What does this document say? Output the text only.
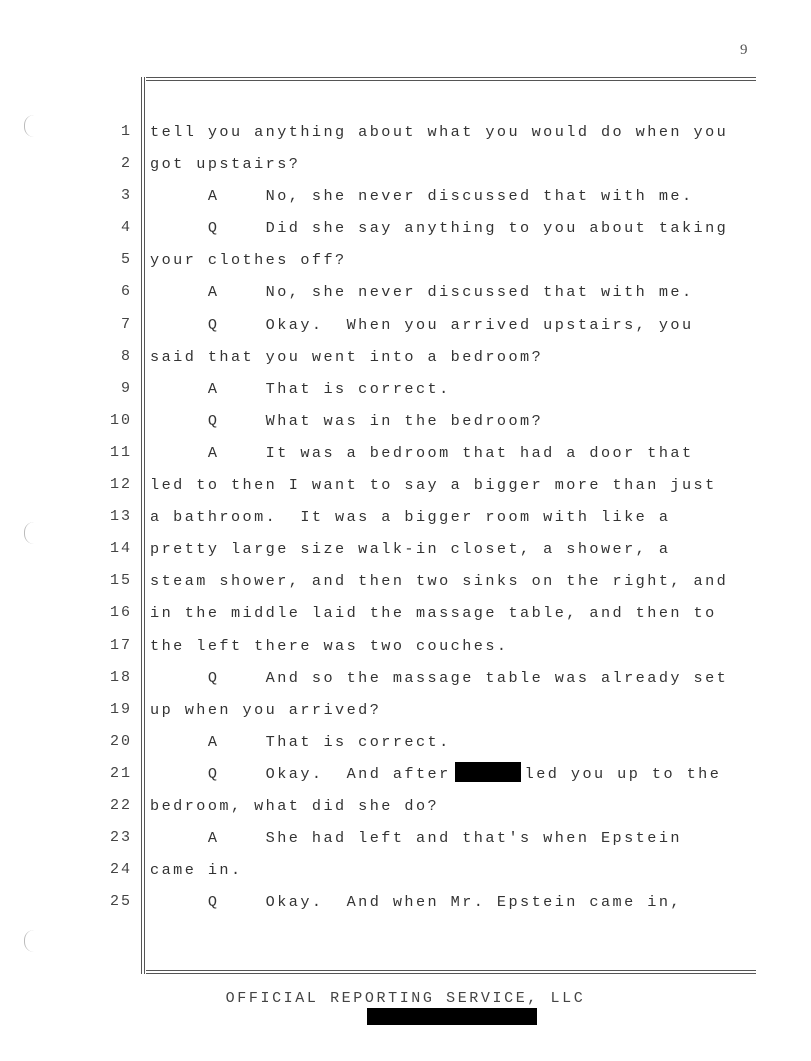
9
1
2
3
4
5
6
7
8
9
10
11
12
13
14
15
16
17
18
19
20
21
22
23
24
25
tell you anything about what you would do when you
got upstairs?
A    No, she never discussed that with me.
Q    Did she say anything to you about taking
your clothes off?
A    No, she never discussed that with me.
Q    Okay.  When you arrived upstairs, you
said that you went into a bedroom?
A    That is correct.
Q    What was in the bedroom?
A    It was a bedroom that had a door that
led to then I want to say a bigger more than just
a bathroom.  It was a bigger room with like a
pretty large size walk-in closet, a shower, a
steam shower, and then two sinks on the right, and
in the middle laid the massage table, and then to
the left there was two couches.
Q    And so the massage table was already set
up when you arrived?
A    That is correct.
Q    Okay.  And after	led you up to the
bedroom, what did she do?
A    She had left and that's when Epstein
came in.
Q    Okay.  And when Mr. Epstein came in,
OFFICIAL REPORTING SERVICE, LLC
